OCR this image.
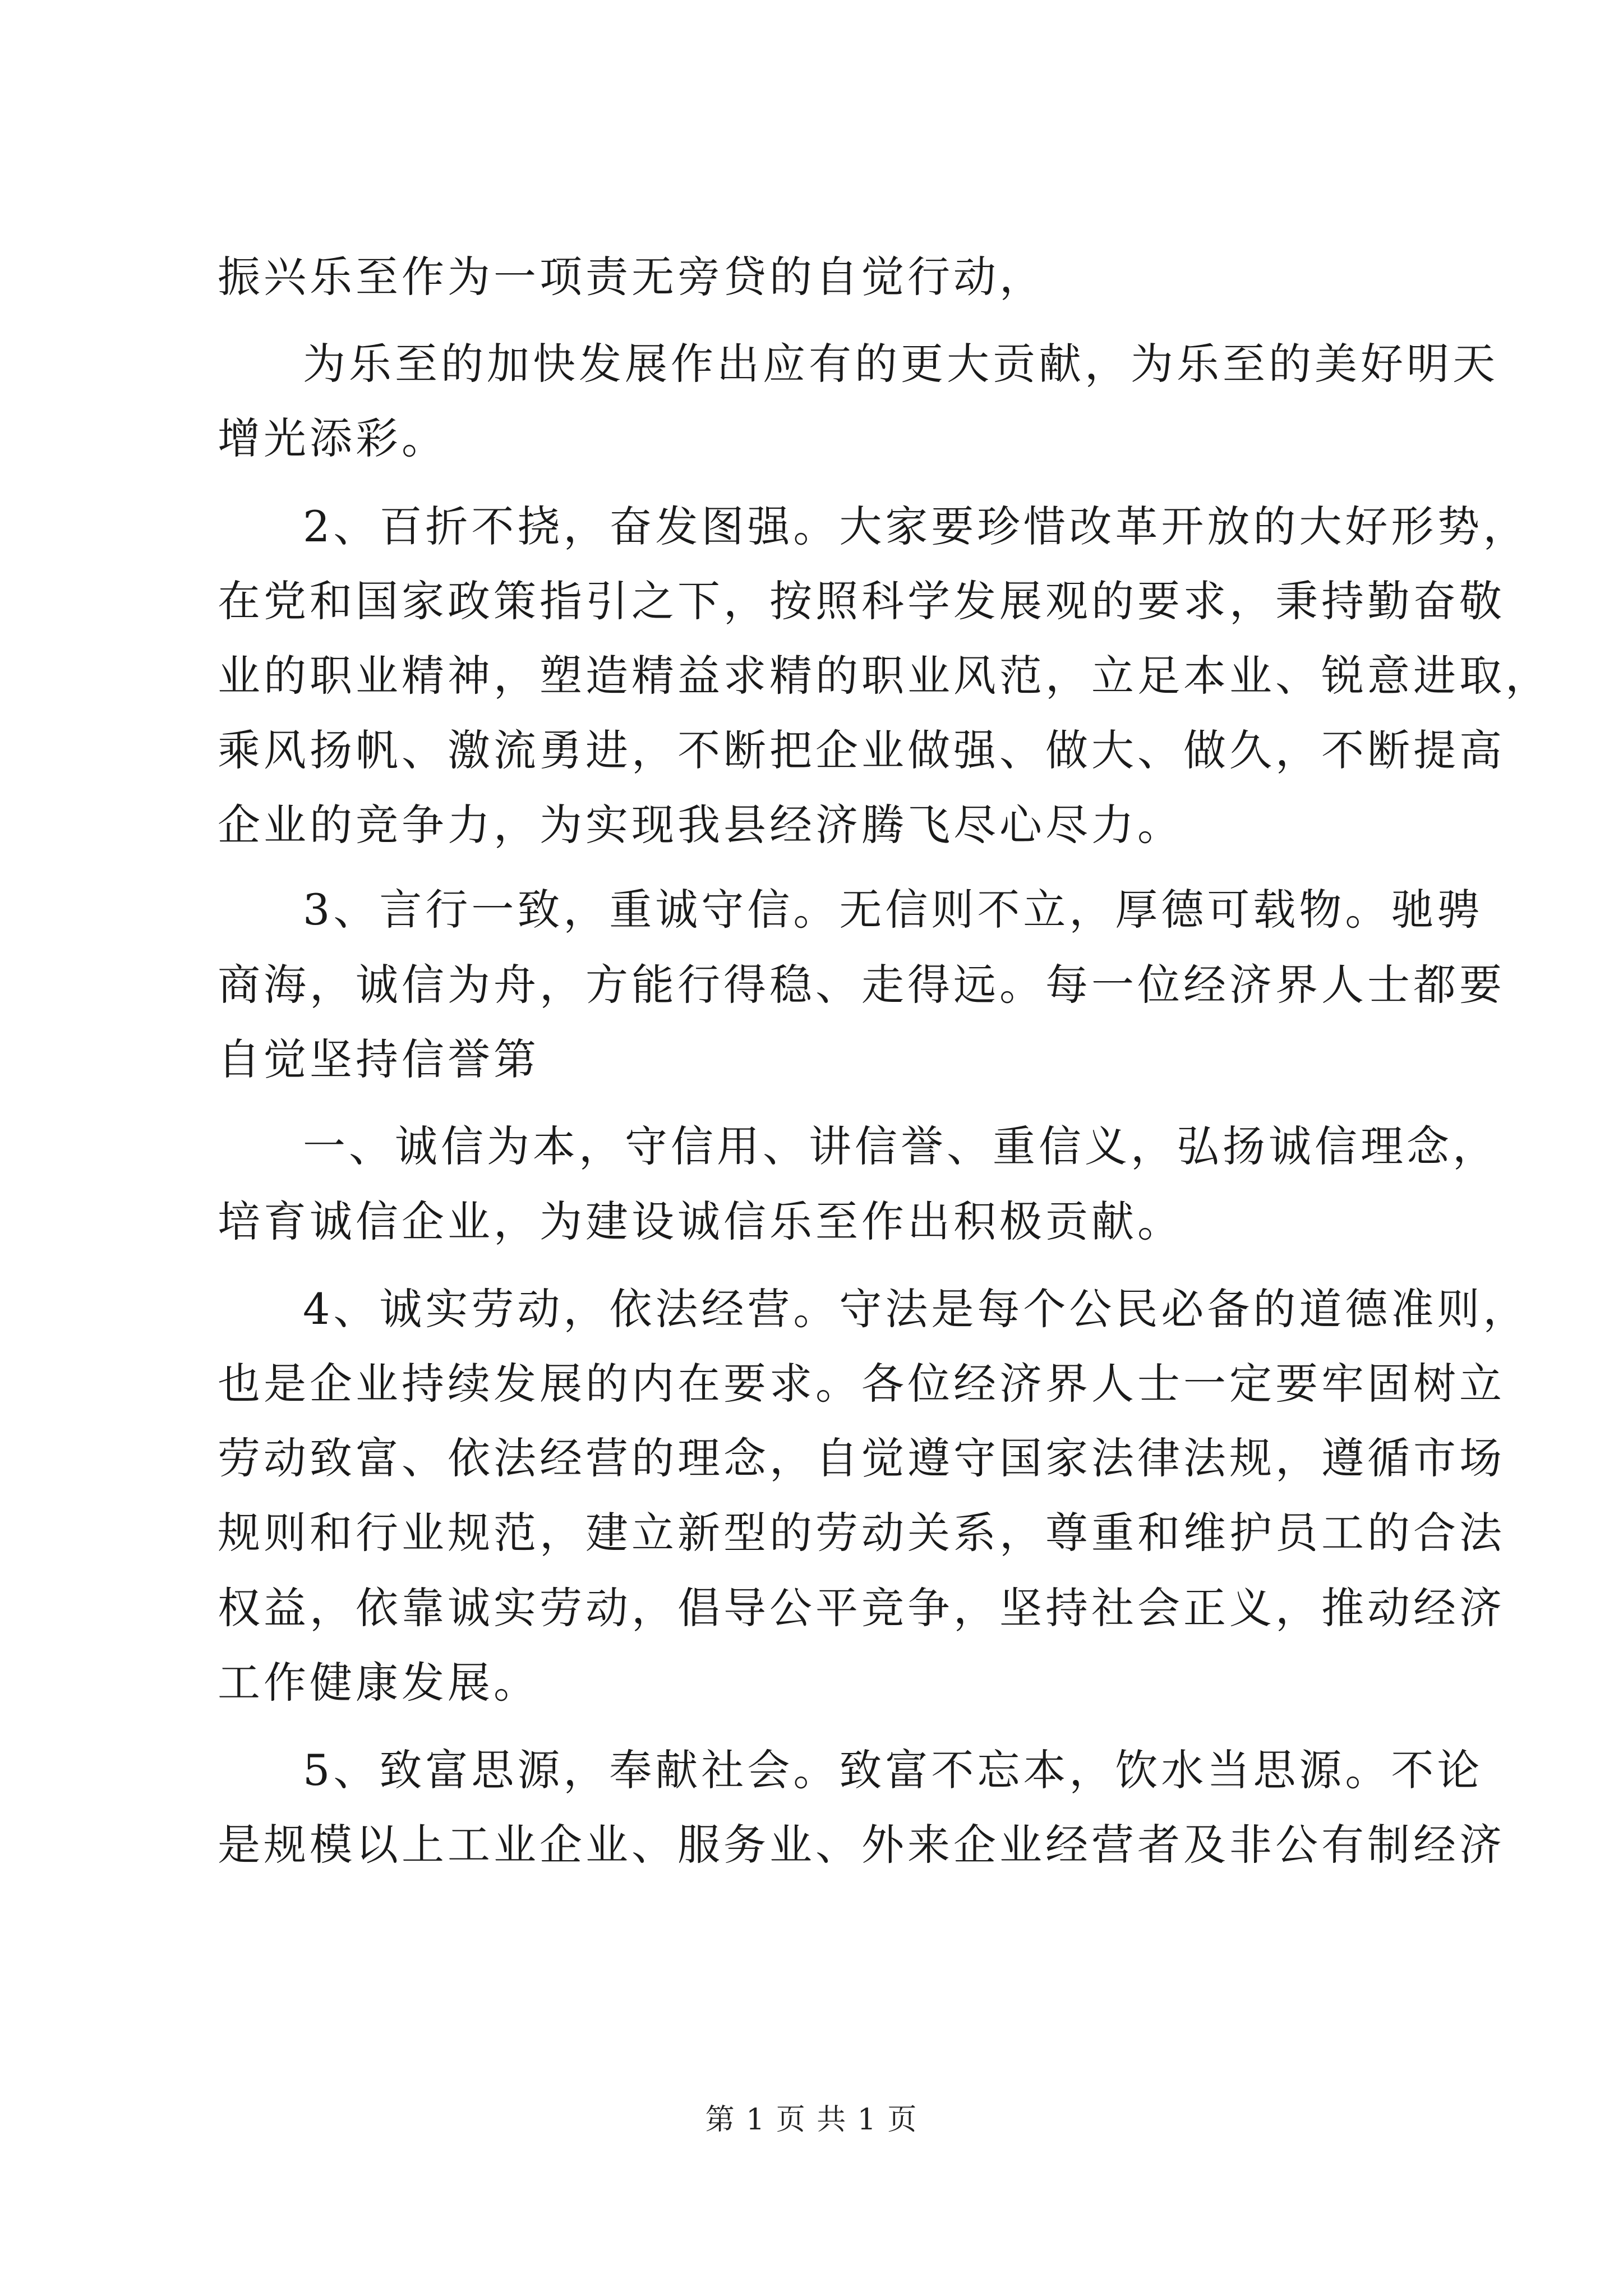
振兴乐至作为一项责无旁贷的自觉行动，
为乐至的加快发展作出应有的更大贡献，为乐至的美好明天
增光添彩。
2、百折不挠，奋发图强。大家要珍惜改革开放的大好形势，
在党和国家政策指引之下，按照科学发展观的要求，秉持勤奋敬
业的职业精神，塑造精益求精的职业风范，立足本业、锐意进取，
乘风扬帆、激流勇进，不断把企业做强、做大、做久，不断提高
企业的竞争力，为实现我县经济腾飞尽心尽力。
3、言行一致，重诚守信。无信则不立，厚德可载物。驰骋
商海，诚信为舟，方能行得稳、走得远。每一位经济界人士都要
自觉坚持信誉第
一、诚信为本，守信用、讲信誉、重信义，弘扬诚信理念，
培育诚信企业，为建设诚信乐至作出积极贡献。
4、诚实劳动，依法经营。守法是每个公民必备的道德准则，
也是企业持续发展的内在要求。各位经济界人士一定要牢固树立
劳动致富、依法经营的理念，自觉遵守国家法律法规，遵循市场
规则和行业规范，建立新型的劳动关系，尊重和维护员工的合法
权益，依靠诚实劳动，倡导公平竞争，坚持社会正义，推动经济
工作健康发展。
5、致富思源，奉献社会。致富不忘本，饮水当思源。不论
是规模以上工业企业、服务业、外来企业经营者及非公有制经济
第 1 页 共 1 页
